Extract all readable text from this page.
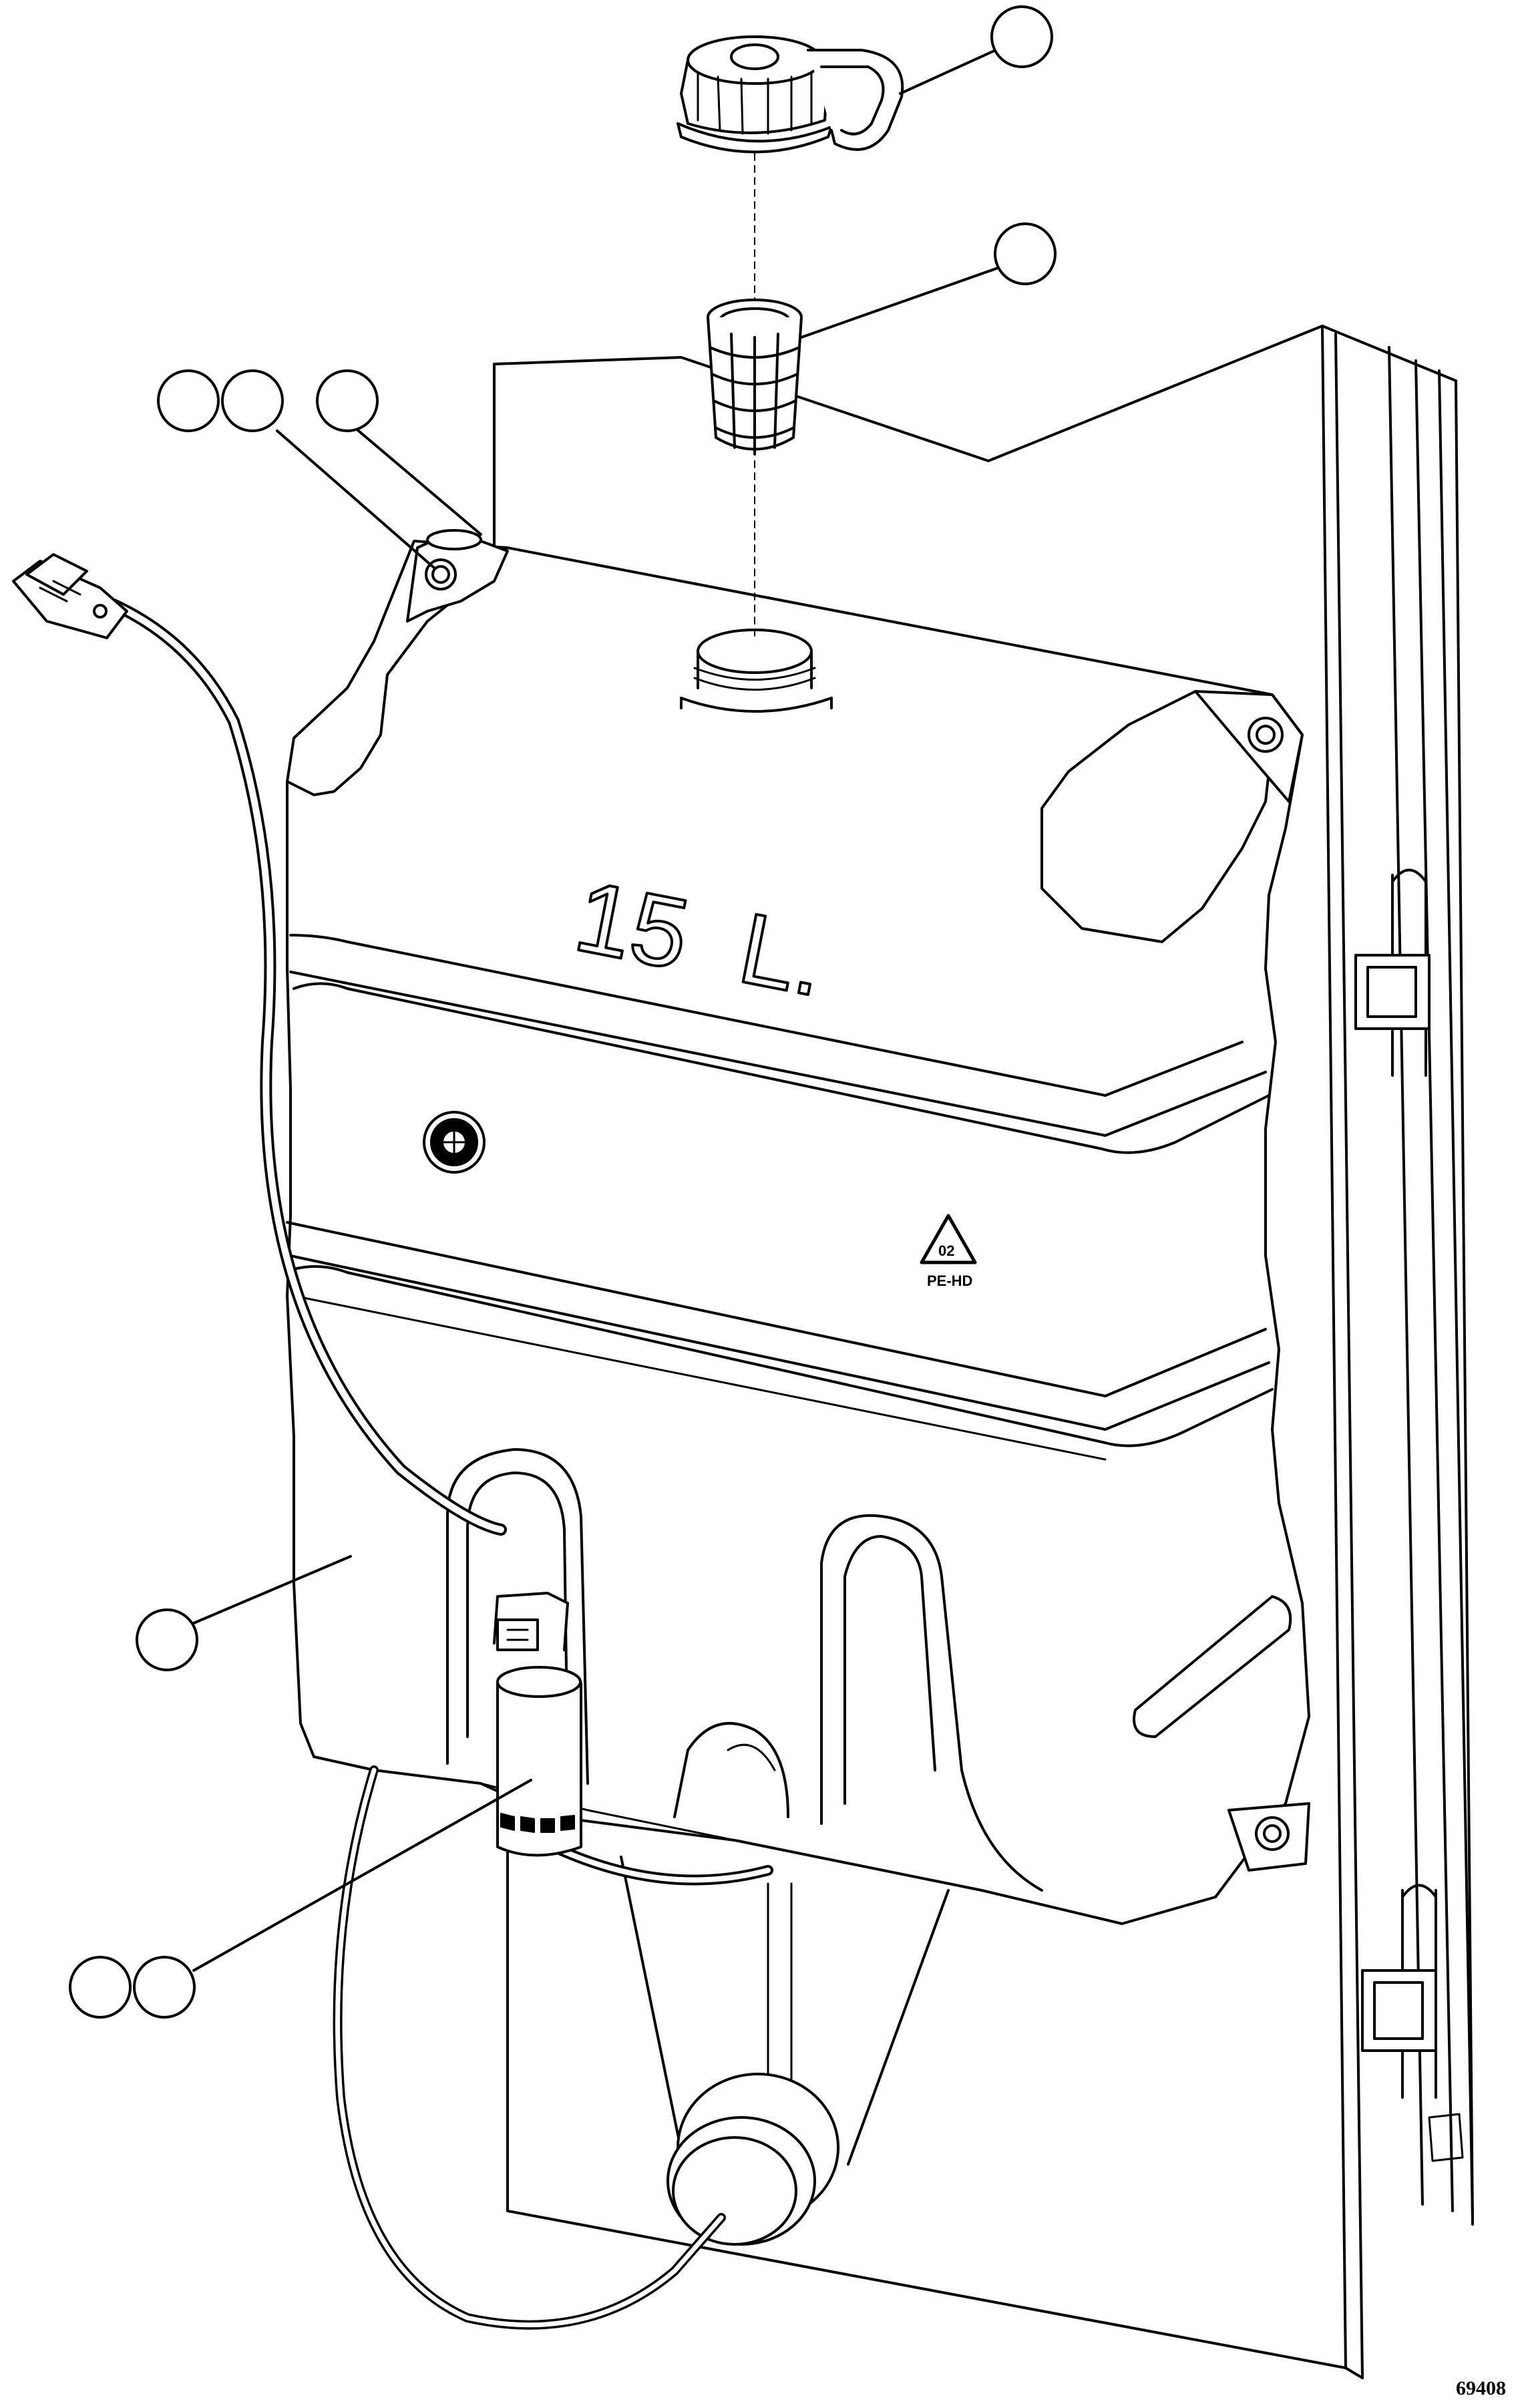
15  L.
02
PE-HD
69408
